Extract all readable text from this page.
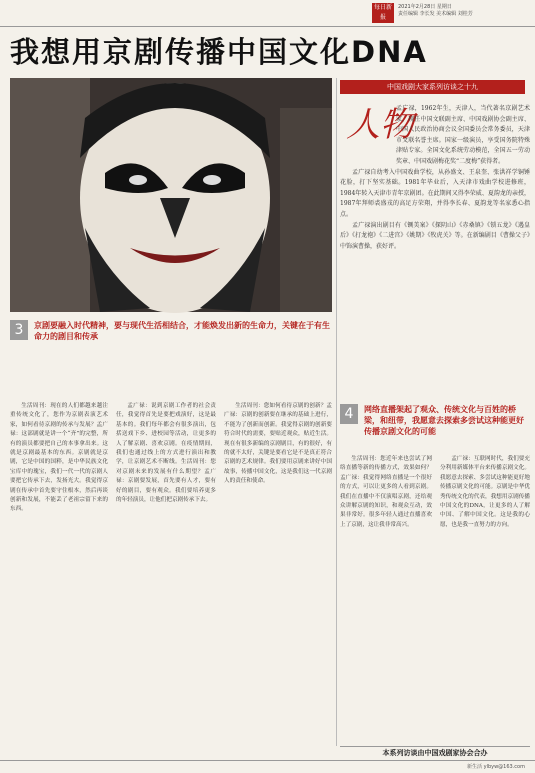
每日新报
2021年2月28日 星期日
责任编辑 李长发 美术编辑 刘桂芳
我想用京剧传播中国文化DNA
中国戏剧大家系列访谈之十九
人物

孟广禄，1962年生，天津人，当代著名京剧艺术家，现任中国文联副主席、中国戏剧协会副主席、中国人民政治协商会议全国委员会常务委员，天津市文联名誉主席。国家一级演员，享受国务院特殊津贴专家。全国文化系统劳动模范，全国五一劳动奖章、中国戏剧梅花奖“二度梅”获得者。

孟广禄自幼考入中国戏曲学校，从孙盛文、王泉奎、张洪祥学铜锤花脸，打下坚实基础。1981年毕业后，入天津市戏曲学校进修班，1984年转入天津市青年京剧团。在此期间又得李荣威、夏韵龙的亲授，1987年拜师裘盛戎的高足方荣翔，并得李长春、夏韵龙等名家悉心指点。

孟广禄演出剧目有《铡美案》《探阴山》《赤桑镇》《锁五龙》《遇皇后》《打龙袍》《二进宫》《姚期》《牧虎关》等。在新编剧目《曹操父子》中饰演曹操，获好评。

3	京剧要融入时代精神，要与现代生活相结合，才能焕发出新的生命力，关键在于有生命力的剧目和传承

生活周刊：现在的人们都越来越注重传统文化了，您作为京剧表演艺术家，如何看待京剧的传承与发展？孟广禄：这部剧就是讲一个“齐”的完整，所有的演员都要把自己的本事拿出来。这就是京剧最基本的东西。京剧就是京剧，它是中国的国粹，是中华民族文化宝库中的瑰宝，我们一代一代的京剧人要把它传承下去，发扬光大。我觉得京剧在传承中首先要守住根本，然后再谈创新和发展，不能丢了老祖宗留下来的东西。

孟广禄：说到京剧工作者的社会责任，我觉得首先是要把戏演好，这是最基本的。我们每年都会有很多演出，包括送戏下乡、进校园等活动，让更多的人了解京剧、喜欢京剧。在疫情期间，我们也通过线上的方式进行演出和教学，让京剧艺术不断线。生活周刊：您对京剧未来的发展有什么期望？孟广禄：京剧要发展，首先要有人才，要有好的剧目，要有观众。我们要培养更多的年轻演员，让他们把京剧传承下去。

生活周刊：您如何看待京剧的创新？孟广禄：京剧的创新要在继承的基础上进行，不能为了创新而创新。我觉得京剧的创新要符合时代的需要，要贴近观众，贴近生活。现在有很多新编的京剧剧目，有的很好，有的就不太好，关键是要看它是不是真正符合京剧的艺术规律。我们要用京剧来讲好中国故事，传播中国文化，这是我们这一代京剧人的责任和使命。

4	网络直播架起了观众、传统文化与百姓的桥梁，和纽带，我愿意去探索多尝试这种能更好传播京剧文化的可能

生活周刊：您近年来也尝试了网络直播等新的传播方式，效果如何？孟广禄：我觉得网络直播是一个很好的方式，可以让更多的人看到京剧。我们在直播中不仅演唱京剧，还给观众讲解京剧的知识，和观众互动，效果非常好。很多年轻人通过直播喜欢上了京剧，这让我非常高兴。

孟广禄：互联网时代，我们要充分利用新媒体平台来传播京剧文化。我愿意去探索、多尝试这种能更好地传播京剧文化的可能。京剧是中华优秀传统文化的代表，我想用京剧传播中国文化的DNA，让更多的人了解中国、了解中国文化。这是我的心愿，也是我一直努力的方向。

本系列访谈由中国戏剧家协会合办
新生活 ylbyw@163.com
